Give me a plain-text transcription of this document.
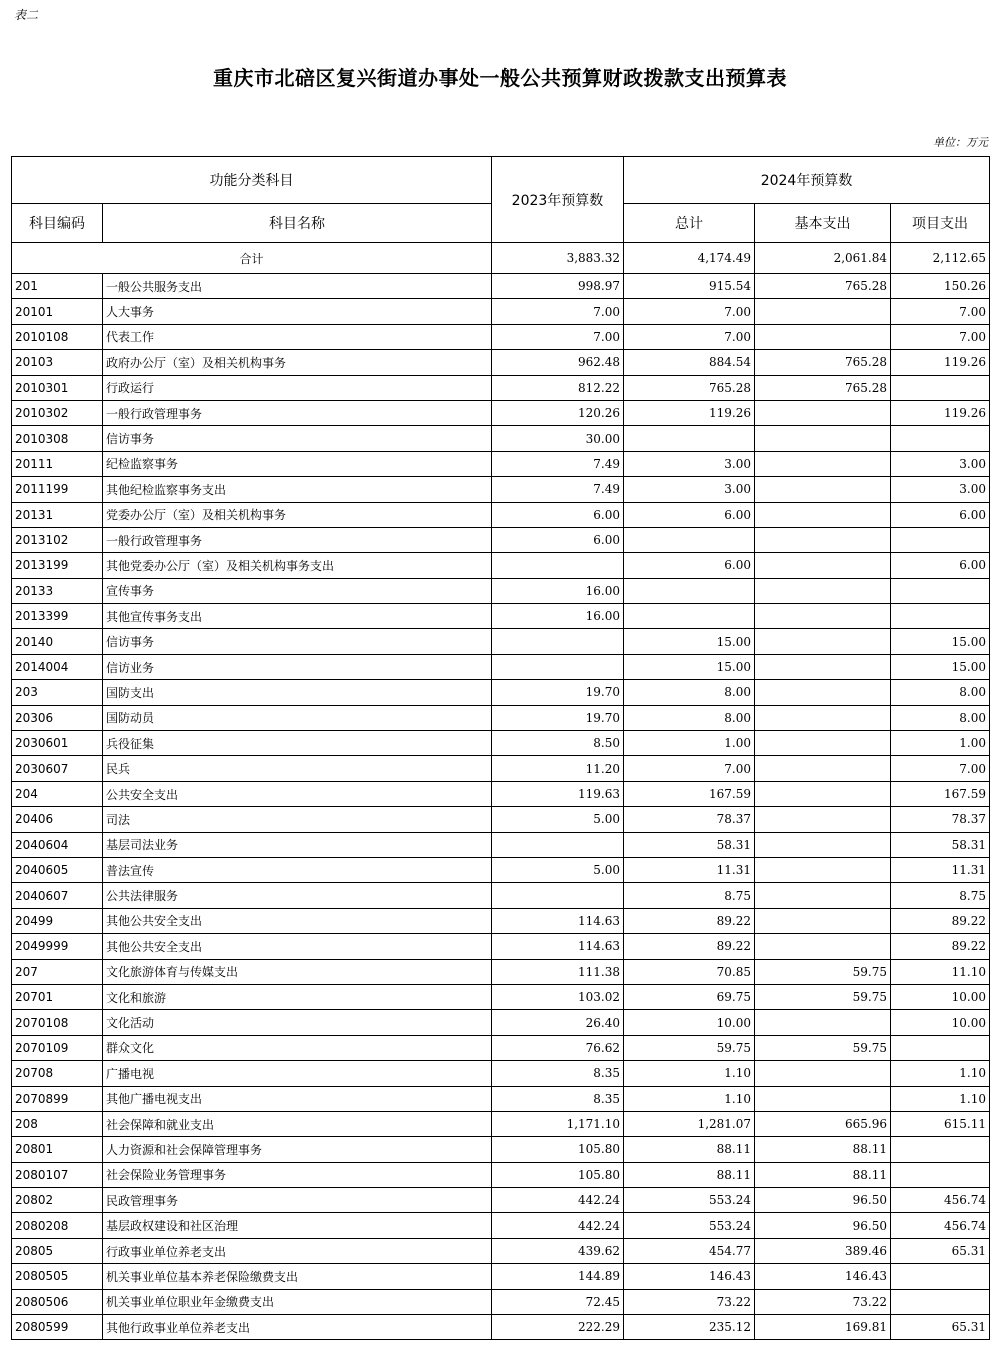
表二
重庆市北碚区复兴街道办事处一般公共预算财政拨款支出预算表
单位：万元
功能分类科目		2023年预算数	2024年预算数		
科目编码	科目名称		总计	基本支出	项目支出
合计		3,883.32	4,174.49	2,061.84	2,112.65
201	一般公共服务支出	998.97	915.54	765.28	150.26
20101	人大事务	7.00	7.00		7.00
2010108	代表工作	7.00	7.00		7.00
20103	政府办公厅（室）及相关机构事务	962.48	884.54	765.28	119.26
2010301	行政运行	812.22	765.28	765.28	
2010302	一般行政管理事务	120.26	119.26		119.26
2010308	信访事务	30.00			
20111	纪检监察事务	7.49	3.00		3.00
2011199	其他纪检监察事务支出	7.49	3.00		3.00
20131	党委办公厅（室）及相关机构事务	6.00	6.00		6.00
2013102	一般行政管理事务	6.00			
2013199	其他党委办公厅（室）及相关机构事务支出		6.00		6.00
20133	宣传事务	16.00			
2013399	其他宣传事务支出	16.00			
20140	信访事务		15.00		15.00
2014004	信访业务		15.00		15.00
203	国防支出	19.70	8.00		8.00
20306	国防动员	19.70	8.00		8.00
2030601	兵役征集	8.50	1.00		1.00
2030607	民兵	11.20	7.00		7.00
204	公共安全支出	119.63	167.59		167.59
20406	司法	5.00	78.37		78.37
2040604	基层司法业务		58.31		58.31
2040605	普法宣传	5.00	11.31		11.31
2040607	公共法律服务		8.75		8.75
20499	其他公共安全支出	114.63	89.22		89.22
2049999	其他公共安全支出	114.63	89.22		89.22
207	文化旅游体育与传媒支出	111.38	70.85	59.75	11.10
20701	文化和旅游	103.02	69.75	59.75	10.00
2070108	文化活动	26.40	10.00		10.00
2070109	群众文化	76.62	59.75	59.75	
20708	广播电视	8.35	1.10		1.10
2070899	其他广播电视支出	8.35	1.10		1.10
208	社会保障和就业支出	1,171.10	1,281.07	665.96	615.11
20801	人力资源和社会保障管理事务	105.80	88.11	88.11	
2080107	社会保险业务管理事务	105.80	88.11	88.11	
20802	民政管理事务	442.24	553.24	96.50	456.74
2080208	基层政权建设和社区治理	442.24	553.24	96.50	456.74
20805	行政事业单位养老支出	439.62	454.77	389.46	65.31
2080505	机关事业单位基本养老保险缴费支出	144.89	146.43	146.43	
2080506	机关事业单位职业年金缴费支出	72.45	73.22	73.22	
2080599	其他行政事业单位养老支出	222.29	235.12	169.81	65.31
